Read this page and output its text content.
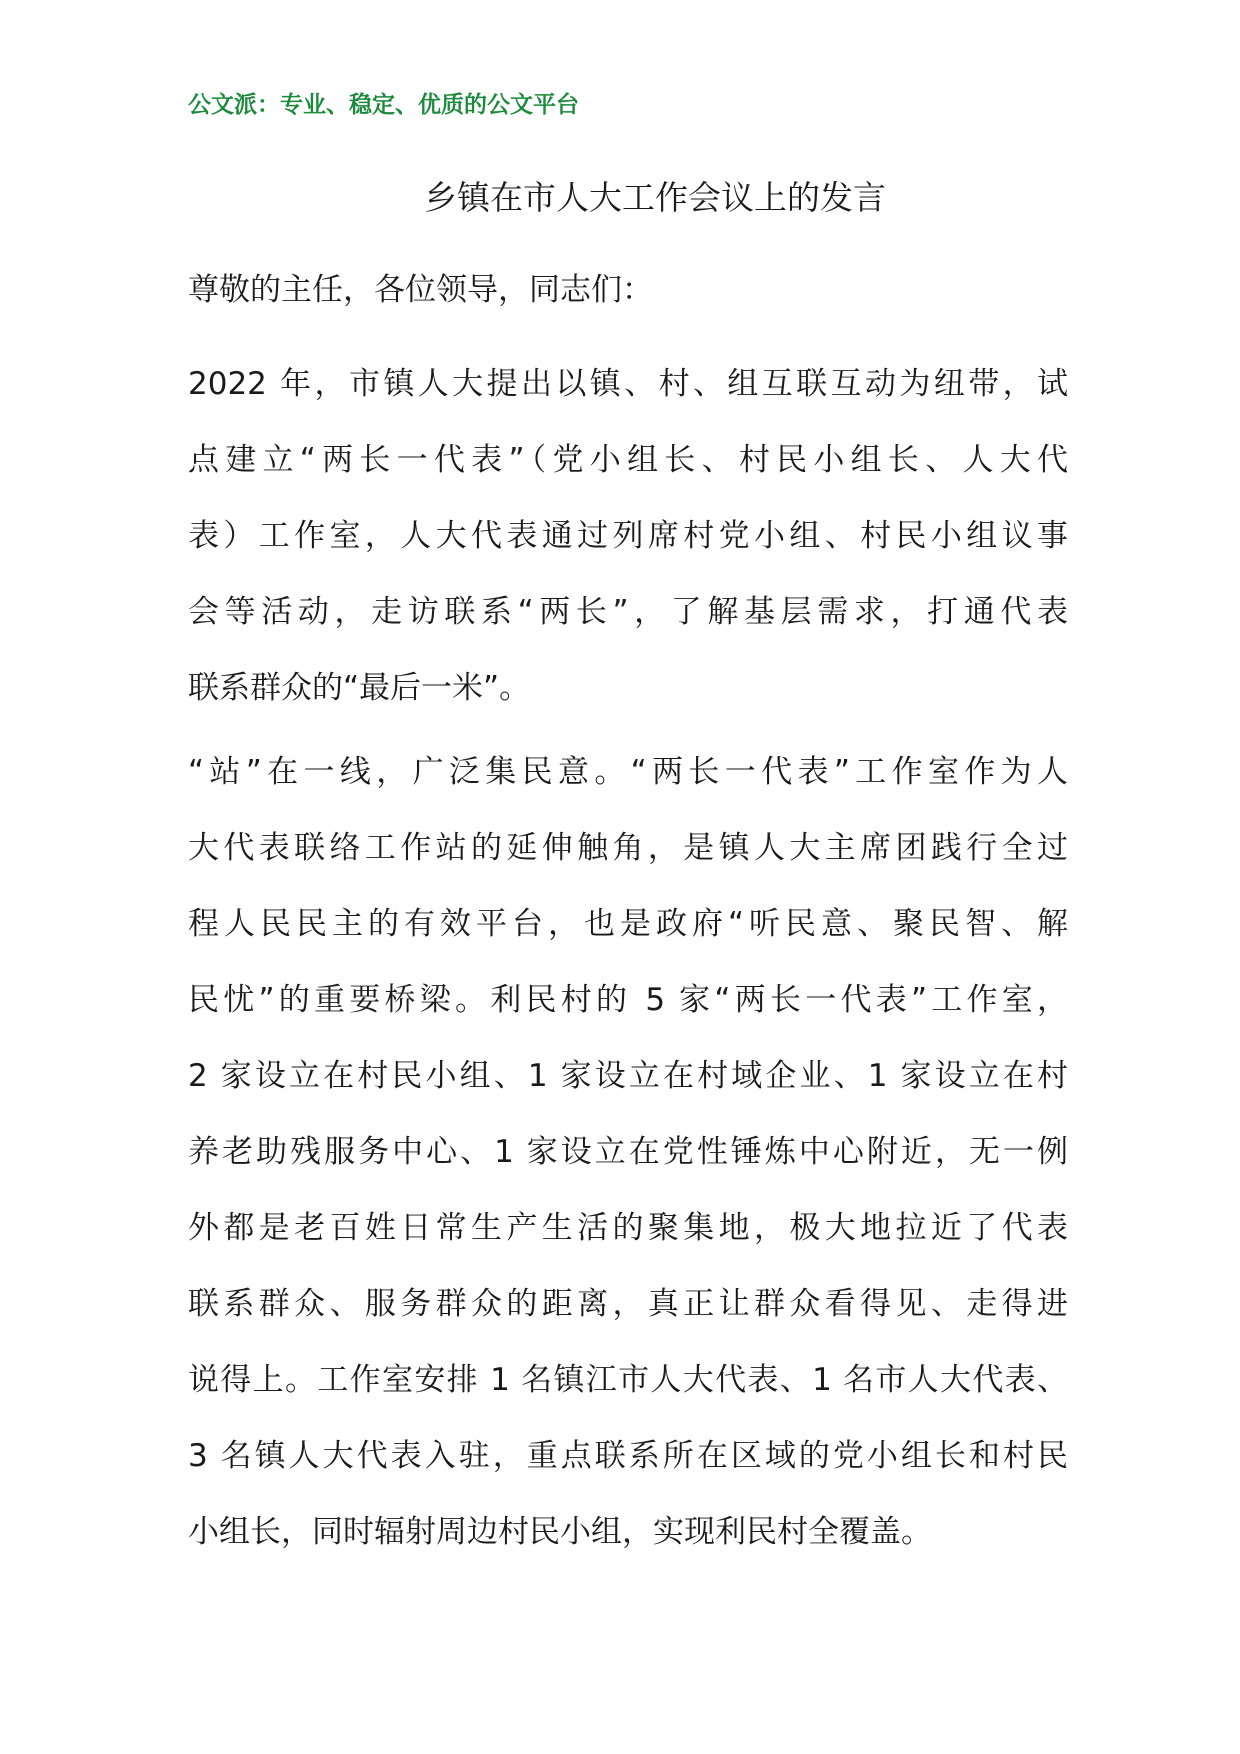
公文派：专业、稳定、优质的公文平台
乡镇在市人大工作会议上的发言
尊敬的主任，各位领导，同志们：
2022 年，市镇人大提出以镇、村、组互联互动为纽带，试
点建立“两长一代表”（党小组长、村民小组长、人大代
表）工作室，人大代表通过列席村党小组、村民小组议事
会等活动，走访联系“两长”，了解基层需求，打通代表
联系群众的“最后一米”。
“站”在一线，广泛集民意。“两长一代表”工作室作为人
大代表联络工作站的延伸触角，是镇人大主席团践行全过
程人民民主的有效平台，也是政府“听民意、聚民智、解
民忧”的重要桥梁。利民村的 5 家“两长一代表”工作室，
2 家设立在村民小组、1 家设立在村域企业、1 家设立在村
养老助残服务中心、1 家设立在党性锤炼中心附近，无一例
外都是老百姓日常生产生活的聚集地，极大地拉近了代表
联系群众、服务群众的距离，真正让群众看得见、走得进
说得上。工作室安排 1 名镇江市人大代表、1 名市人大代表、
3 名镇人大代表入驻，重点联系所在区域的党小组长和村民
小组长，同时辐射周边村民小组，实现利民村全覆盖。
